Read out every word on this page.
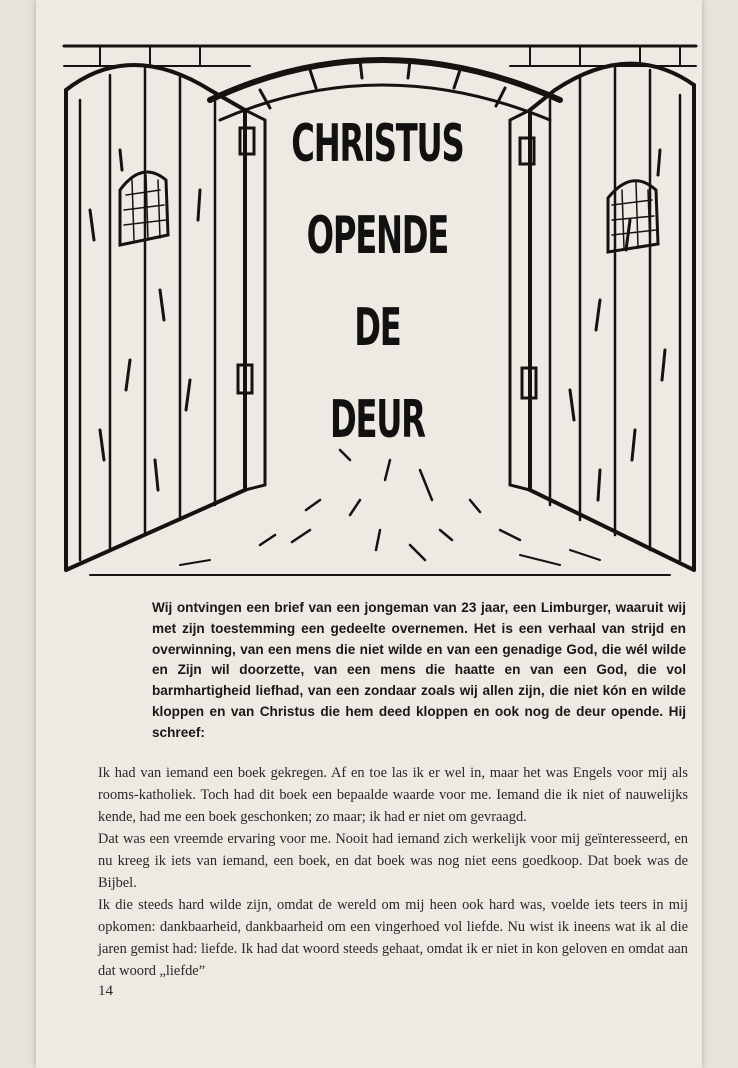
CHRISTUS
OPENDE
DE
DEUR

Wij ontvingen een brief van een jongeman van 23 jaar, een Limburger, waaruit wij met zijn toestemming een gedeelte overnemen. Het is een verhaal van strijd en overwinning, van een mens die niet wilde en van een genadige God, die wél wilde en Zijn wil doorzette, van een mens die haatte en van een God, die vol barmhartigheid liefhad, van een zondaar zoals wij allen zijn, die niet kón en wilde kloppen en van Christus die hem deed kloppen en ook nog de deur opende. Hij schreef:

Ik had van iemand een boek gekregen. Af en toe las ik er wel in, maar het was Engels voor mij als rooms-katholiek. Toch had dit boek een bepaalde waarde voor me. Iemand die ik niet of nauwelijks kende, had me een boek geschonken; zo maar; ik had er niet om gevraagd.

Dat was een vreemde ervaring voor me. Nooit had iemand zich werkelijk voor mij geïnteresseerd, en nu kreeg ik iets van iemand, een boek, en dat boek was nog niet eens goedkoop. Dat boek was de Bijbel.

Ik die steeds hard wilde zijn, omdat de wereld om mij heen ook hard was, voelde iets teers in mij opkomen: dankbaarheid, dankbaarheid om een vingerhoed vol liefde. Nu wist ik ineens wat ik al die jaren gemist had: liefde. Ik had dat woord steeds gehaat, omdat ik er niet in kon geloven en omdat aan dat woord „liefde”

14
